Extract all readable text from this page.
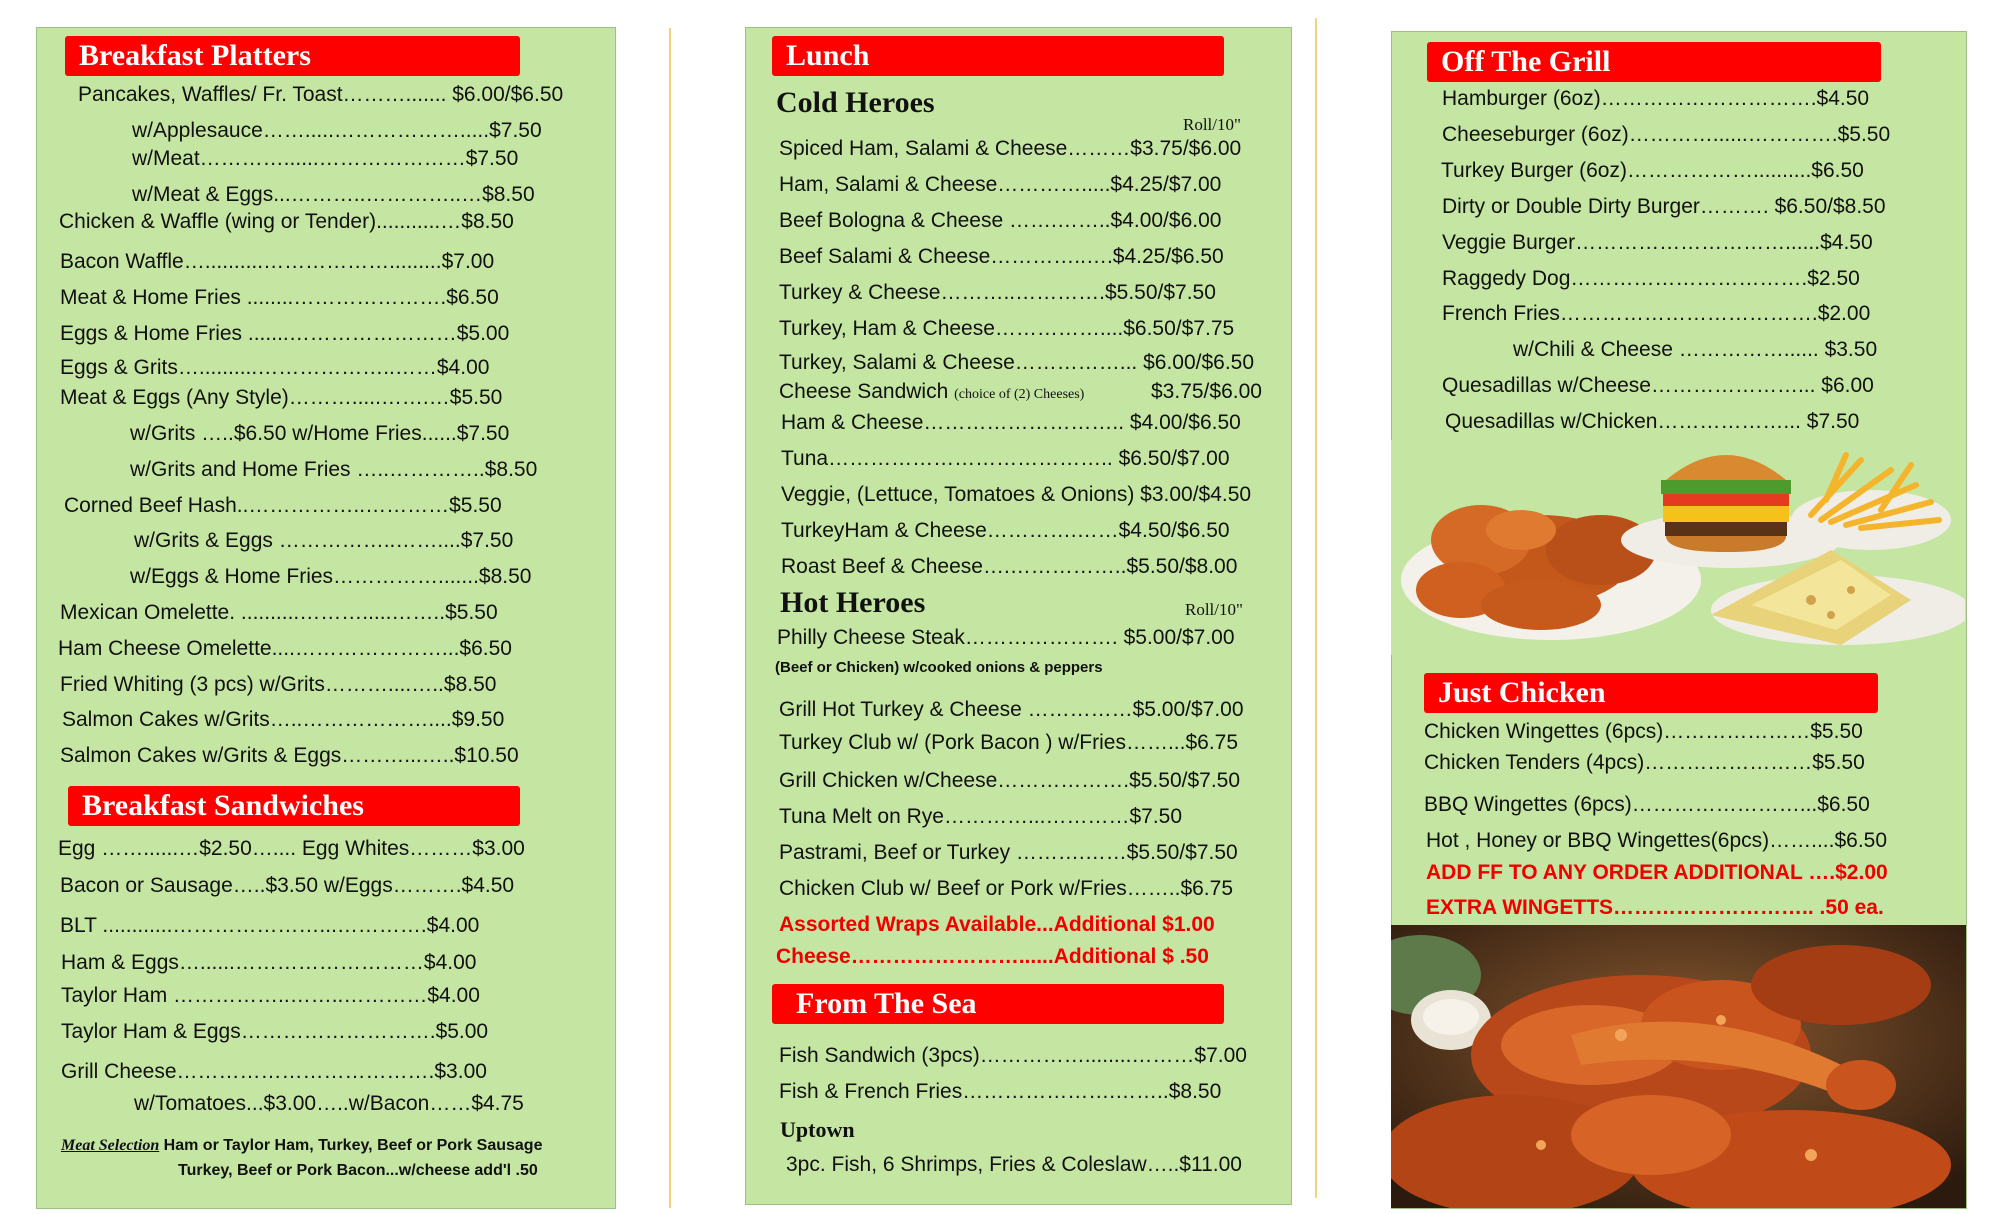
Breakfast Platters
Pancakes, Waffles/ Fr. Toast………....... $6.00/$6.50
w/Applesauce…….....……………….....$7.50
w/Meat…………......…………………$7.50
w/Meat & Eggs...………..…………..…$8.50
Chicken & Waffle (wing or Tender)...........…$8.50
Bacon Waffle…..........……………….........$7.00
Meat & Home Fries ........………………….$6.50
Eggs & Home Fries .......……………………$5.00
Eggs & Grits…..........………………..……$4.00
Meat & Eggs (Any Style)……….....…….…$5.50
w/Grits …..$6.50 w/Home Fries......$7.50
w/Grits and Home Fries …..…………..$8.50
Corned Beef Hash..……………..…………$5.50
w/Grits & Eggs ……………..……....$7.50
w/Eggs & Home Fries…………….......$8.50
Mexican Omelette. ..........……….....……..$5.50
Ham Cheese Omelette....…………………...$6.50
Fried Whiting (3 pcs) w/Grits………....…..$8.50
Salmon Cakes w/Grits…..………………....$9.50
Salmon Cakes w/Grits & Eggs………...…..$10.50
Breakfast Sandwiches
Egg ……......…$2.50….... Egg Whites………$3.00
Bacon or Sausage…..$3.50 w/Eggs……….$4.50
BLT ............…………………...………….$4.00
Ham & Eggs…......………………………$4.00
Taylor Ham ……………..……..…………$4.00
Taylor Ham & Eggs……………………….$5.00
Grill Cheese……………………………….$3.00
w/Tomatoes...$3.00…..w/Bacon……$4.75
Meat Selection Ham or Taylor Ham, Turkey, Beef or Pork Sausage
Turkey, Beef or Pork Bacon...w/cheese add'l .50
Lunch
Cold Heroes
Roll/10"
Spiced Ham, Salami & Cheese………$3.75/$6.00
Ham, Salami & Cheese………….....$4.25/$7.00
Beef Bologna & Cheese …….……..$4.00/$6.00
Beef Salami & Cheese…………..….$4.25/$6.50
Turkey & Cheese………..………….$5.50/$7.50
Turkey, Ham & Cheese……………....$6.50/$7.75
Turkey, Salami & Cheese……………... $6.00/$6.50
Cheese Sandwich (choice of (2) Cheeses)	$3.75/$6.00
Ham & Cheese……………………….. $4.00/$6.50
Tuna………………………………….. $6.50/$7.00
Veggie, (Lettuce, Tomatoes & Onions) $3.00/$4.50
TurkeyHam & Cheese………….……$4.50/$6.50
Roast Beef & Cheese….……………..$5.50/$8.00
Hot Heroes	Roll/10"
Philly Cheese Steak…………………. $5.00/$7.00
(Beef or Chicken) w/cooked onions & peppers
Grill Hot Turkey & Cheese ……………$5.00/$7.00
Turkey Club w/ (Pork Bacon ) w/Fries……...$6.75
Grill Chicken w/Cheese……………….$5.50/$7.50
Tuna Melt on Rye…………...…………$7.50
Pastrami, Beef or Turkey ……….……$5.50/$7.50
Chicken Club w/ Beef or Pork w/Fries……..$6.75
Assorted Wraps Available...Additional $1.00
Cheese……………………......Additional $ .50
From The Sea
Fish Sandwich (3pcs)……………........………$7.00
Fish & French Fries………………….……..$8.50
Uptown
3pc. Fish, 6 Shrimps, Fries & Coleslaw…..$11.00
Off The Grill
Hamburger (6oz)………………………….$4.50
Cheeseburger (6oz)…………......………….$5.50
Turkey Burger (6oz)………………..........$6.50
Dirty or Double Dirty Burger………. $6.50/$8.50
Veggie Burger…………………………......$4.50
Raggedy Dog…………………………….$2.50
French Fries……………………………….$2.00
w/Chili & Cheese ……………...... $3.50
Quesadillas w/Cheese…………………... $6.00
Quesadillas w/Chicken………………... $7.50
Just Chicken
Chicken Wingettes (6pcs)…………………$5.50
Chicken Tenders (4pcs)……………………$5.50
BBQ Wingettes (6pcs)……………………...$6.50
Hot , Honey or BBQ Wingettes(6pcs)……....$6.50
ADD FF TO ANY ORDER ADDITIONAL ….$2.00
EXTRA WINGETTS……………………….. .50 ea.
